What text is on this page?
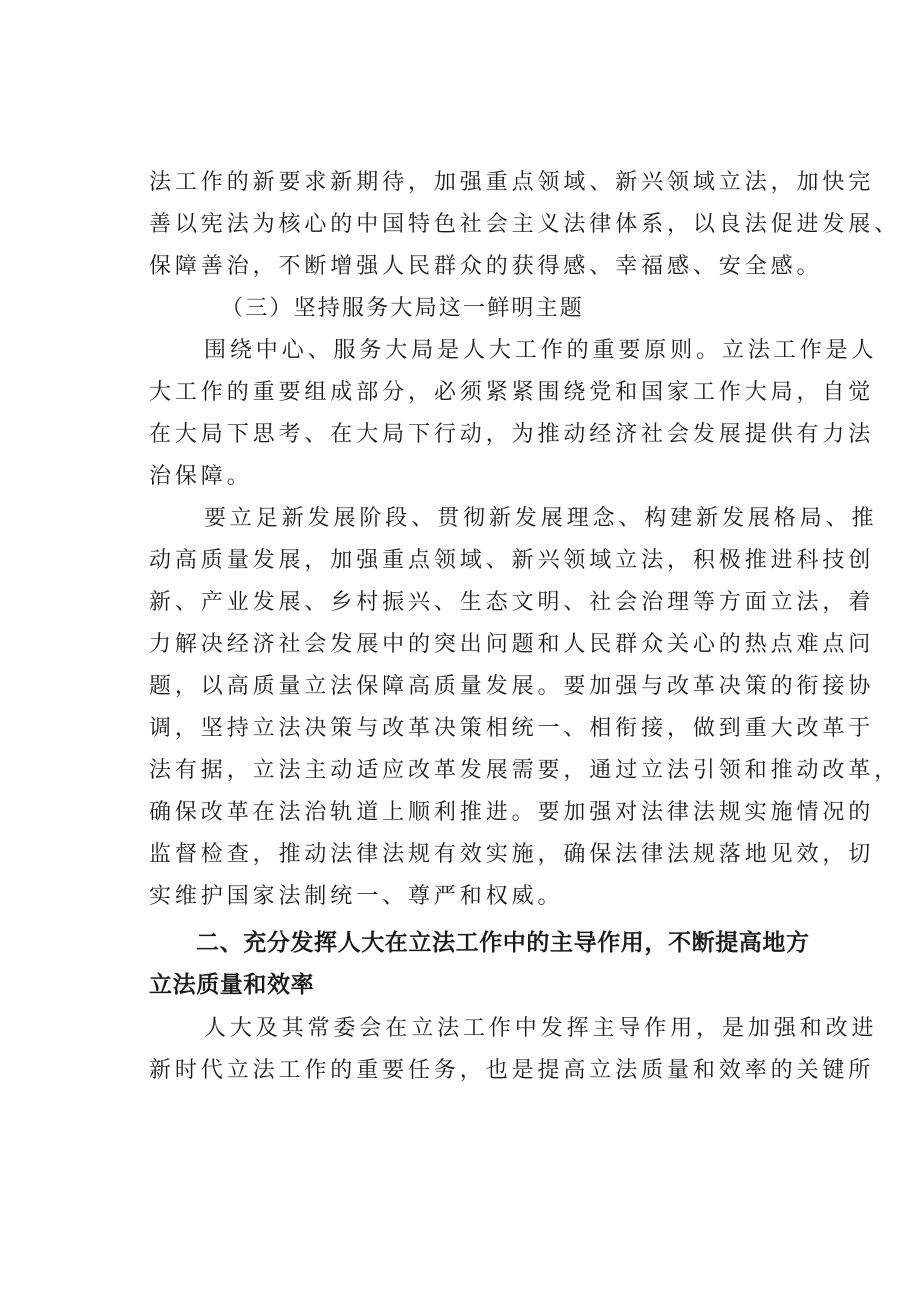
法工作的新要求新期待，加强重点领域、新兴领域立法，加快完

善以宪法为核心的中国特色社会主义法律体系，以良法促进发展、

保障善治，不断增强人民群众的获得感、幸福感、安全感。

（三）坚持服务大局这一鲜明主题

围绕中心、服务大局是人大工作的重要原则。立法工作是人

大工作的重要组成部分，必须紧紧围绕党和国家工作大局，自觉

在大局下思考、在大局下行动，为推动经济社会发展提供有力法

治保障。

要立足新发展阶段、贯彻新发展理念、构建新发展格局、推

动高质量发展，加强重点领域、新兴领域立法，积极推进科技创

新、产业发展、乡村振兴、生态文明、社会治理等方面立法，着

力解决经济社会发展中的突出问题和人民群众关心的热点难点问

题，以高质量立法保障高质量发展。要加强与改革决策的衔接协

调，坚持立法决策与改革决策相统一、相衔接，做到重大改革于

法有据，立法主动适应改革发展需要，通过立法引领和推动改革，

确保改革在法治轨道上顺利推进。要加强对法律法规实施情况的

监督检查，推动法律法规有效实施，确保法律法规落地见效，切

实维护国家法制统一、尊严和权威。

二、充分发挥人大在立法工作中的主导作用，不断提高地方

立法质量和效率

人大及其常委会在立法工作中发挥主导作用，是加强和改进

新时代立法工作的重要任务，也是提高立法质量和效率的关键所
